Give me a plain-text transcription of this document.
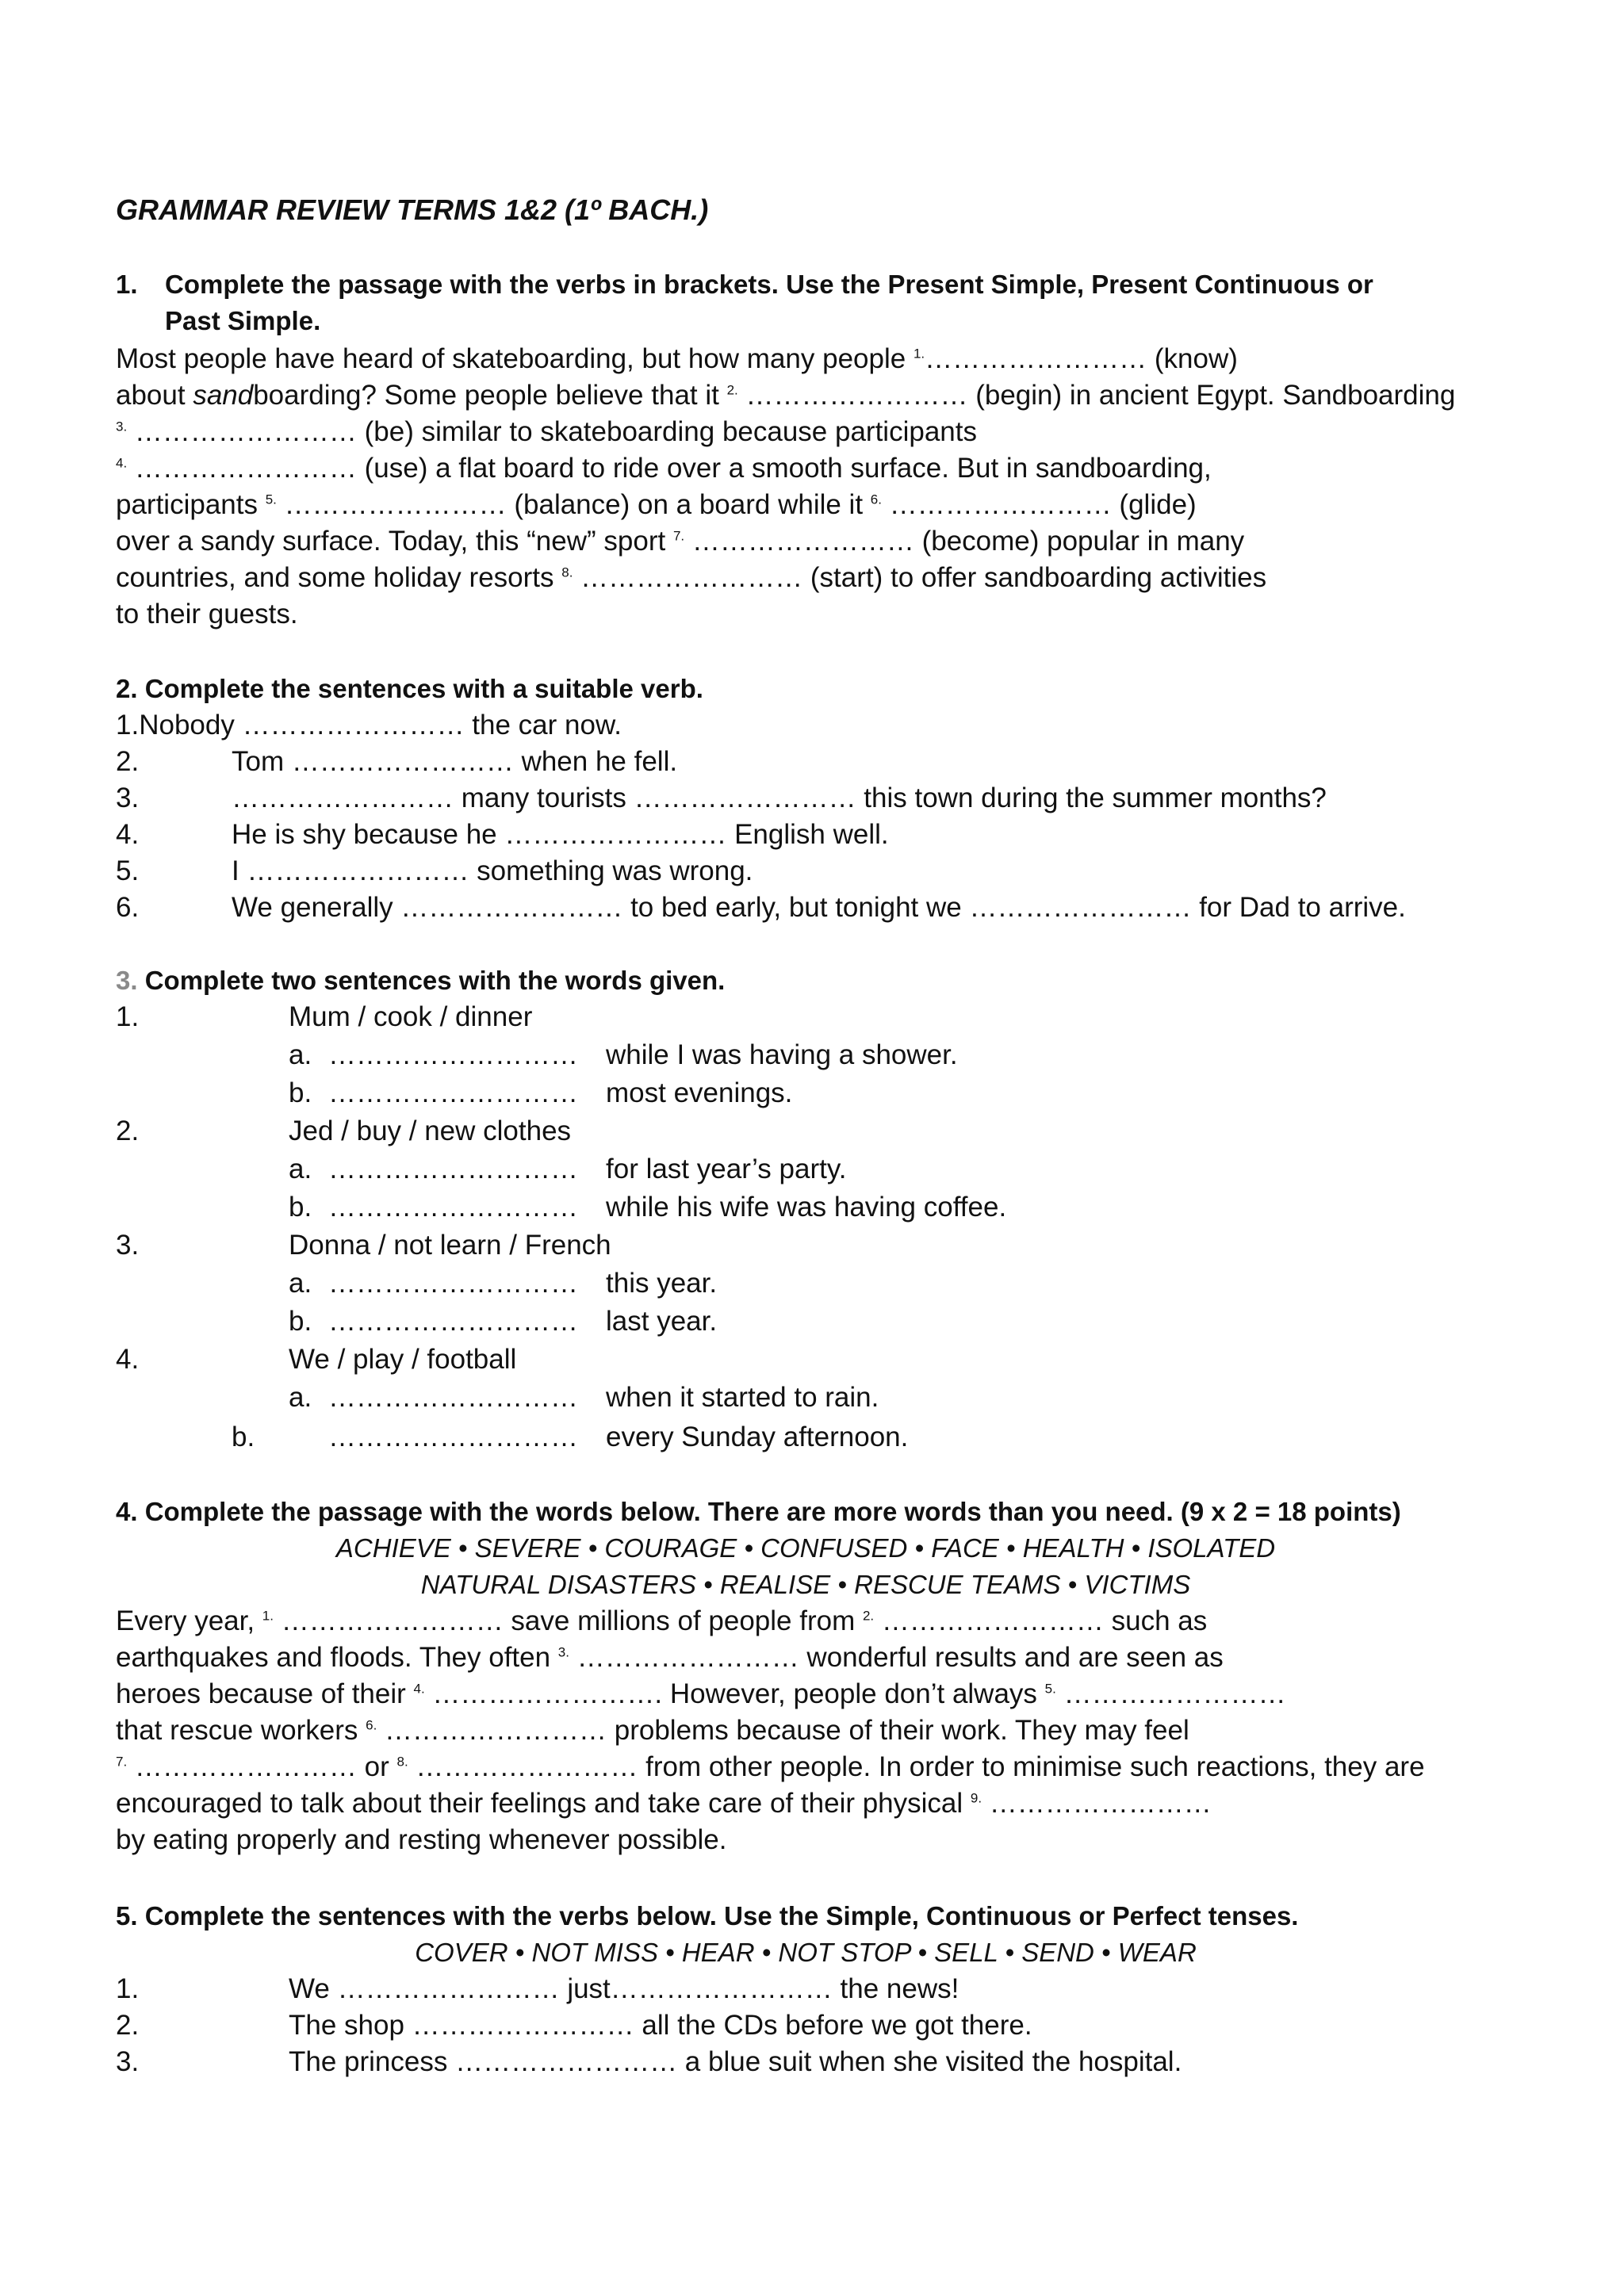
GRAMMAR REVIEW TERMS 1&2 (1º BACH.)
1. Complete the passage with the verbs in brackets. Use the Present Simple, Present Continuous or
Past Simple.
Most people have heard of skateboarding, but how many people $^{1.}$…………………… (know)
about sandboarding? Some people believe that it $^{2.}$ …………………… (begin) in ancient Egypt. Sandboarding
$^{3.}$ …………………… (be) similar to skateboarding because participants
$^{4.}$ …………………… (use) a flat board to ride over a smooth surface. But in sandboarding,
participants $^{5.}$ …………………… (balance) on a board while it $^{6.}$ …………………… (glide)
over a sandy surface. Today, this “new” sport $^{7.}$ …………………… (become) popular in many
countries, and some holiday resorts $^{8.}$ …………………… (start) to offer sandboarding activities
to their guests.
2. Complete the sentences with a suitable verb.
1.Nobody …………………… the car now.
2.	Tom …………………… when he fell.
3.	…………………… many tourists …………………… this town during the summer months?
4.	He is shy because he …………………… English well.
5.	I …………………… something was wrong.
6.	We generally …………………… to bed early, but tonight we …………………… for Dad to arrive.
3. Complete two sentences with the words given.
1.	Mum / cook / dinner
a. ……………………… while I was having a shower.
b. ……………………… most evenings.
2.	Jed / buy / new clothes
a. ……………………… for last year’s party.
b. ……………………… while his wife was having coffee.
3.	Donna / not learn / French
a. ……………………… this year.
b. ……………………… last year.
4.	We / play / football
a. ……………………… when it started to rain.
b.	……………………… every Sunday afternoon.
4. Complete the passage with the words below. There are more words than you need. (9 x 2 = 18 points)
ACHIEVE • SEVERE • COURAGE • CONFUSED • FACE • HEALTH • ISOLATED
NATURAL DISASTERS • REALISE • RESCUE TEAMS • VICTIMS
Every year, $^{1.}$ …………………… save millions of people from $^{2.}$ …………………… such as
earthquakes and floods. They often $^{3.}$ …………………… wonderful results and are seen as
heroes because of their $^{4.}$ ……………………. However, people don’t always $^{5.}$ ……………………
that rescue workers $^{6.}$ …………………… problems because of their work. They may feel
$^{7.}$ …………………… or $^{8.}$ …………………… from other people. In order to minimise such reactions, they are
encouraged to talk about their feelings and take care of their physical $^{9.}$ ……………………
by eating properly and resting whenever possible.
5. Complete the sentences with the verbs below. Use the Simple, Continuous or Perfect tenses.
COVER • NOT MISS • HEAR • NOT STOP • SELL • SEND • WEAR
1.	We …………………… just…………………… the news!
2.	The shop …………………… all the CDs before we got there.
3.	The princess …………………… a blue suit when she visited the hospital.
